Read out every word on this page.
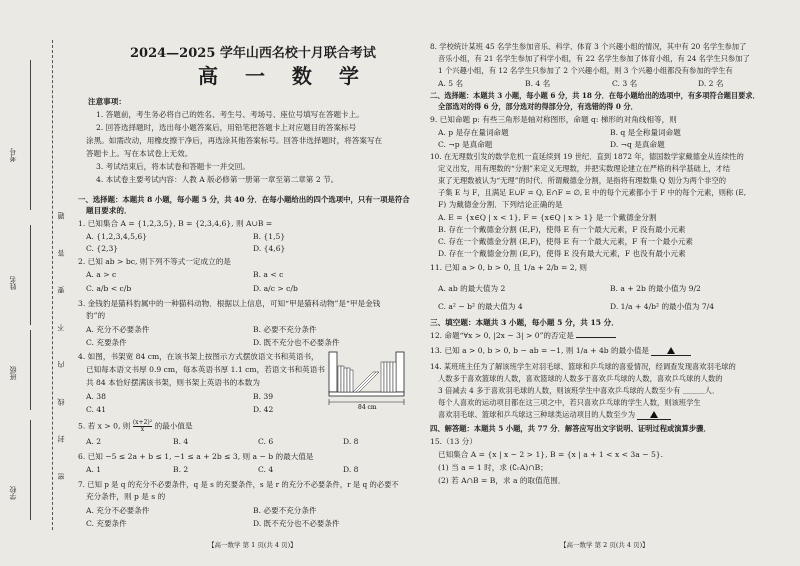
考号
姓名
班级
学校
密 封 线 内 不 要 答 题
2024—2025 学年山西名校十月联合考试
高 一 数 学
注意事项：
1. 答题前，考生务必将自己的姓名、考生号、考场号、座位号填写在答题卡上。
2. 回答选择题时，选出每小题答案后，用铅笔把答题卡上对应题目的答案标号
涂黑。如需改动，用橡皮擦干净后，再选涂其他答案标号。回答非选择题时，将答案写在
答题卡上。写在本试卷上无效。
3. 考试结束后，将本试卷和答题卡一并交回。
4. 本试卷主要考试内容：人教 A 版必修第一册第一章至第二章第 2 节。
一、选择题：本题共 8 小题，每小题 5 分，共 40 分．在每小题给出的四个选项中，只有一项是符合
题目要求的．
1. 已知集合 A = {1,2,3,5}, B = {2,3,4,6}, 则 A∪B =
A. {1,2,3,4,5,6}	B. {1,5}
C. {2,3}	D. {4,6}
2. 已知 ab > bc, 则下列不等式一定成立的是
A. a > c	B. a < c
C. a/b < c/b	D. a/c > c/b
3. 金钱豹是猫科豹属中的一种猫科动物．根据以上信息，可知“甲是猫科动物”是“甲是金钱
豹”的
A. 充分不必要条件	B. 必要不充分条件
C. 充要条件	D. 既不充分也不必要条件
4. 如图，书架宽 84 cm，在该书架上按图示方式摆放语文书和英语书，
已知每本语文书厚 0.9 cm，每本英语书厚 1.1 cm，若语文书和英语书
共 84 本恰好摆满该书架，则书架上英语书的本数为
A. 38	B. 39
C. 41	D. 42	84 cm
5. 若 x > 0, 则 $\frac{\text{(x+2)²}}{x}$ 的最小值是
A. 2	B. 4	C. 6	D. 8
6. 已知 −5 ≤ 2a + b ≤ 1, −1 ≤ a + 2b ≤ 3, 则 a − b 的最大值是
A. 1	B. 2	C. 4	D. 8
7. 已知 p 是 q 的充分不必要条件，q 是 s 的充要条件，s 是 r 的充分不必要条件，r 是 q 的必要不
充分条件，则 p 是 s 的
A. 充分不必要条件	B. 必要不充分条件
C. 充要条件	D. 既不充分也不必要条件
【高一数学 第 1 页(共 4 页)】
8. 学校统计某班 45 名学生参加音乐、科学、体育 3 个兴趣小组的情况，其中有 20 名学生参加了
音乐小组，有 21 名学生参加了科学小组，有 22 名学生参加了体育小组，有 24 名学生只参加了
1 个兴趣小组，有 12 名学生只参加了 2 个兴趣小组，则 3 个兴趣小组都没有参加的学生有
A. 5 名	B. 4 名	C. 3 名	D. 2 名
二、选择题：本题共 3 小题，每小题 6 分，共 18 分．在每小题给出的选项中，有多项符合题目要求．
全部选对的得 6 分，部分选对的得部分分，有选错的得 0 分．
9. 已知命题 p: 有些三角形是轴对称图形，命题 q: 梯形的对角线相等，则
A. p 是存在量词命题	B. q 是全称量词命题
C. ¬p 是真命题	D. ¬q 是真命题
10. 在无理数引发的数学危机一直延续到 19 世纪．直到 1872 年，德国数学家戴德金从连续性的
定义出发，用有理数的“分割”来定义无理数，并把实数理论建立在严格的科学基础上，才结
束了无理数被认为“无理”的时代．所谓戴德金分割，是指将有理数集 Q 划分为两个非空的
子集 E 与 F，且满足 E∪F = Q, E∩F = ∅, E 中的每个元素都小于 F 中的每个元素，则称 (E,
F) 为戴德金分割．下列结论正确的是
A. E = {x∈Q | x < 1}, F = {x∈Q | x > 1} 是一个戴德金分割
B. 存在一个戴德金分割 (E,F)，使得 E 有一个最大元素，F 没有最小元素
C. 存在一个戴德金分割 (E,F)，使得 E 有一个最大元素，F 有一个最小元素
D. 存在一个戴德金分割 (E,F)，使得 E 没有最大元素，F 也没有最小元素
11. 已知 a > 0, b > 0, 且 1/a + 2/b = 2, 则
A. ab 的最大值为 2	B. a + 2b 的最小值为 9/2
C. a² − b² 的最大值为 4	D. 1/a + 4/b² 的最小值为 7/4
三、填空题：本题共 3 小题，每小题 5 分，共 15 分．
12. 命题“∀x > 0, |2x − 3| > 0”的否定是
13. 已知 a > 0, b > 0, b − ab = −1, 则 1/a + 4b 的最小值是
14. 某班班主任为了解该班学生对羽毛球、篮球和乒乓球的喜爱情况，经调查发现喜欢羽毛球的
人数多于喜欢篮球的人数，喜欢篮球的人数多于喜欢乒乓球的人数，喜欢乒乓球的人数的
3 倍减去 4 多于喜欢羽毛球的人数，则该班学生中喜欢乒乓球的人数至少有 ＿＿＿人．
每个人喜欢的运动项目都在这三项之中，若只喜欢乒乓球的学生人数，则该班学生
喜欢羽毛球、篮球和乒乓球这三种球类运动项目的人数至少为
四、解答题：本题共 5 小题，共 77 分．解答应写出文字说明、证明过程或演算步骤．
15.（13 分）
已知集合 A = {x | x − 2 > 1}, B = {x | a + 1 < x < 3a − 5}.
(1) 当 a = 1 时，求 (∁ᵣA)∩B；
(2) 若 A∩B = B，求 a 的取值范围．
【高一数学 第 2 页(共 4 页)】
